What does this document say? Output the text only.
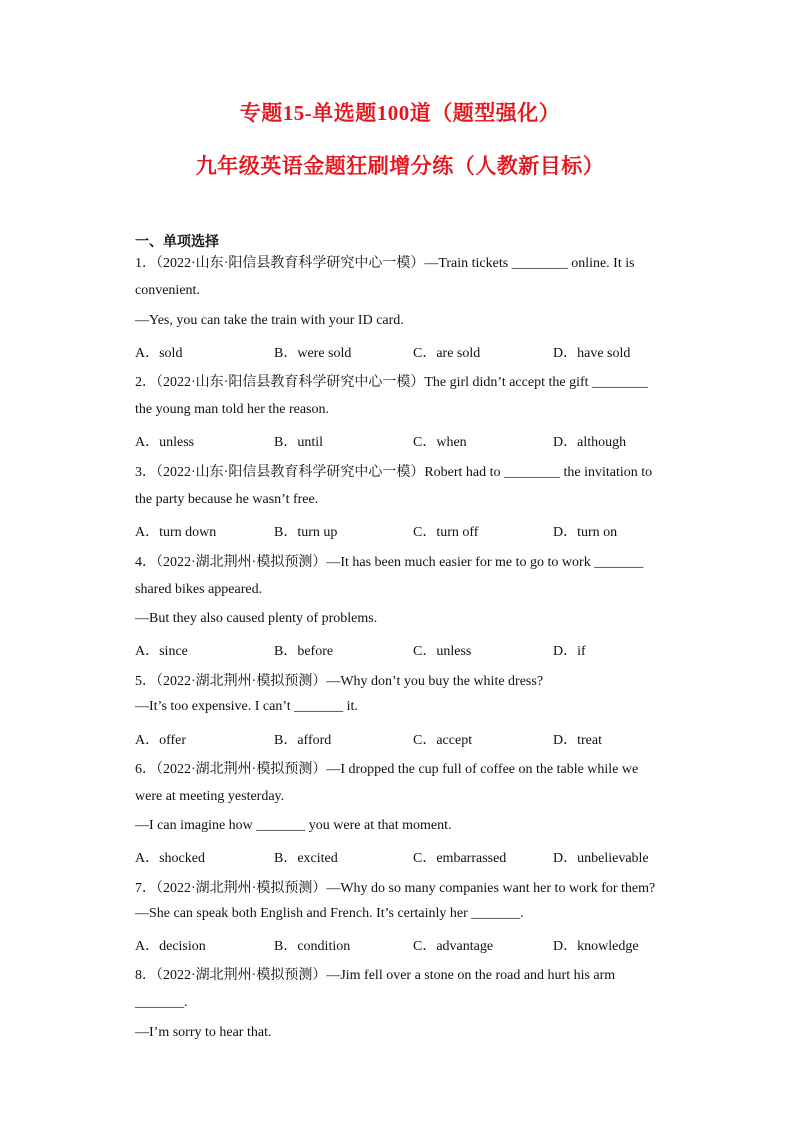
专题15-单选题100道（题型强化）
九年级英语金题狂刷增分练（人教新目标）
一、单项选择
1．（2022·山东·阳信县教育科学研究中心一模）—Train tickets ________ online. It is
convenient.
—Yes, you can take the train with your ID card.
A．sold	B．were sold	C．are sold	D．have sold
2．（2022·山东·阳信县教育科学研究中心一模）The girl didn’t accept the gift ________
the young man told her the reason.
A．unless	B．until	C．when	D．although
3．（2022·山东·阳信县教育科学研究中心一模）Robert had to ________ the invitation to
the party because he wasn’t free.
A．turn down	B．turn up	C．turn off	D．turn on
4．（2022·湖北荆州·模拟预测）—It has been much easier for me to go to work _______
shared bikes appeared.
—But they also caused plenty of problems.
A．since	B．before	C．unless	D．if
5．（2022·湖北荆州·模拟预测）—Why don’t you buy the white dress?
—It’s too expensive. I can’t _______ it.
A．offer	B．afford	C．accept	D．treat
6．（2022·湖北荆州·模拟预测）—I dropped the cup full of coffee on the table while we
were at meeting yesterday.
—I can imagine how _______ you were at that moment.
A．shocked	B．excited	C．embarrassed	D．unbelievable
7．（2022·湖北荆州·模拟预测）—Why do so many companies want her to work for them?
—She can speak both English and French. It’s certainly her _______.
A．decision	B．condition	C．advantage	D．knowledge
8．（2022·湖北荆州·模拟预测）—Jim fell over a stone on the road and hurt his arm
_______.
—I’m sorry to hear that.
